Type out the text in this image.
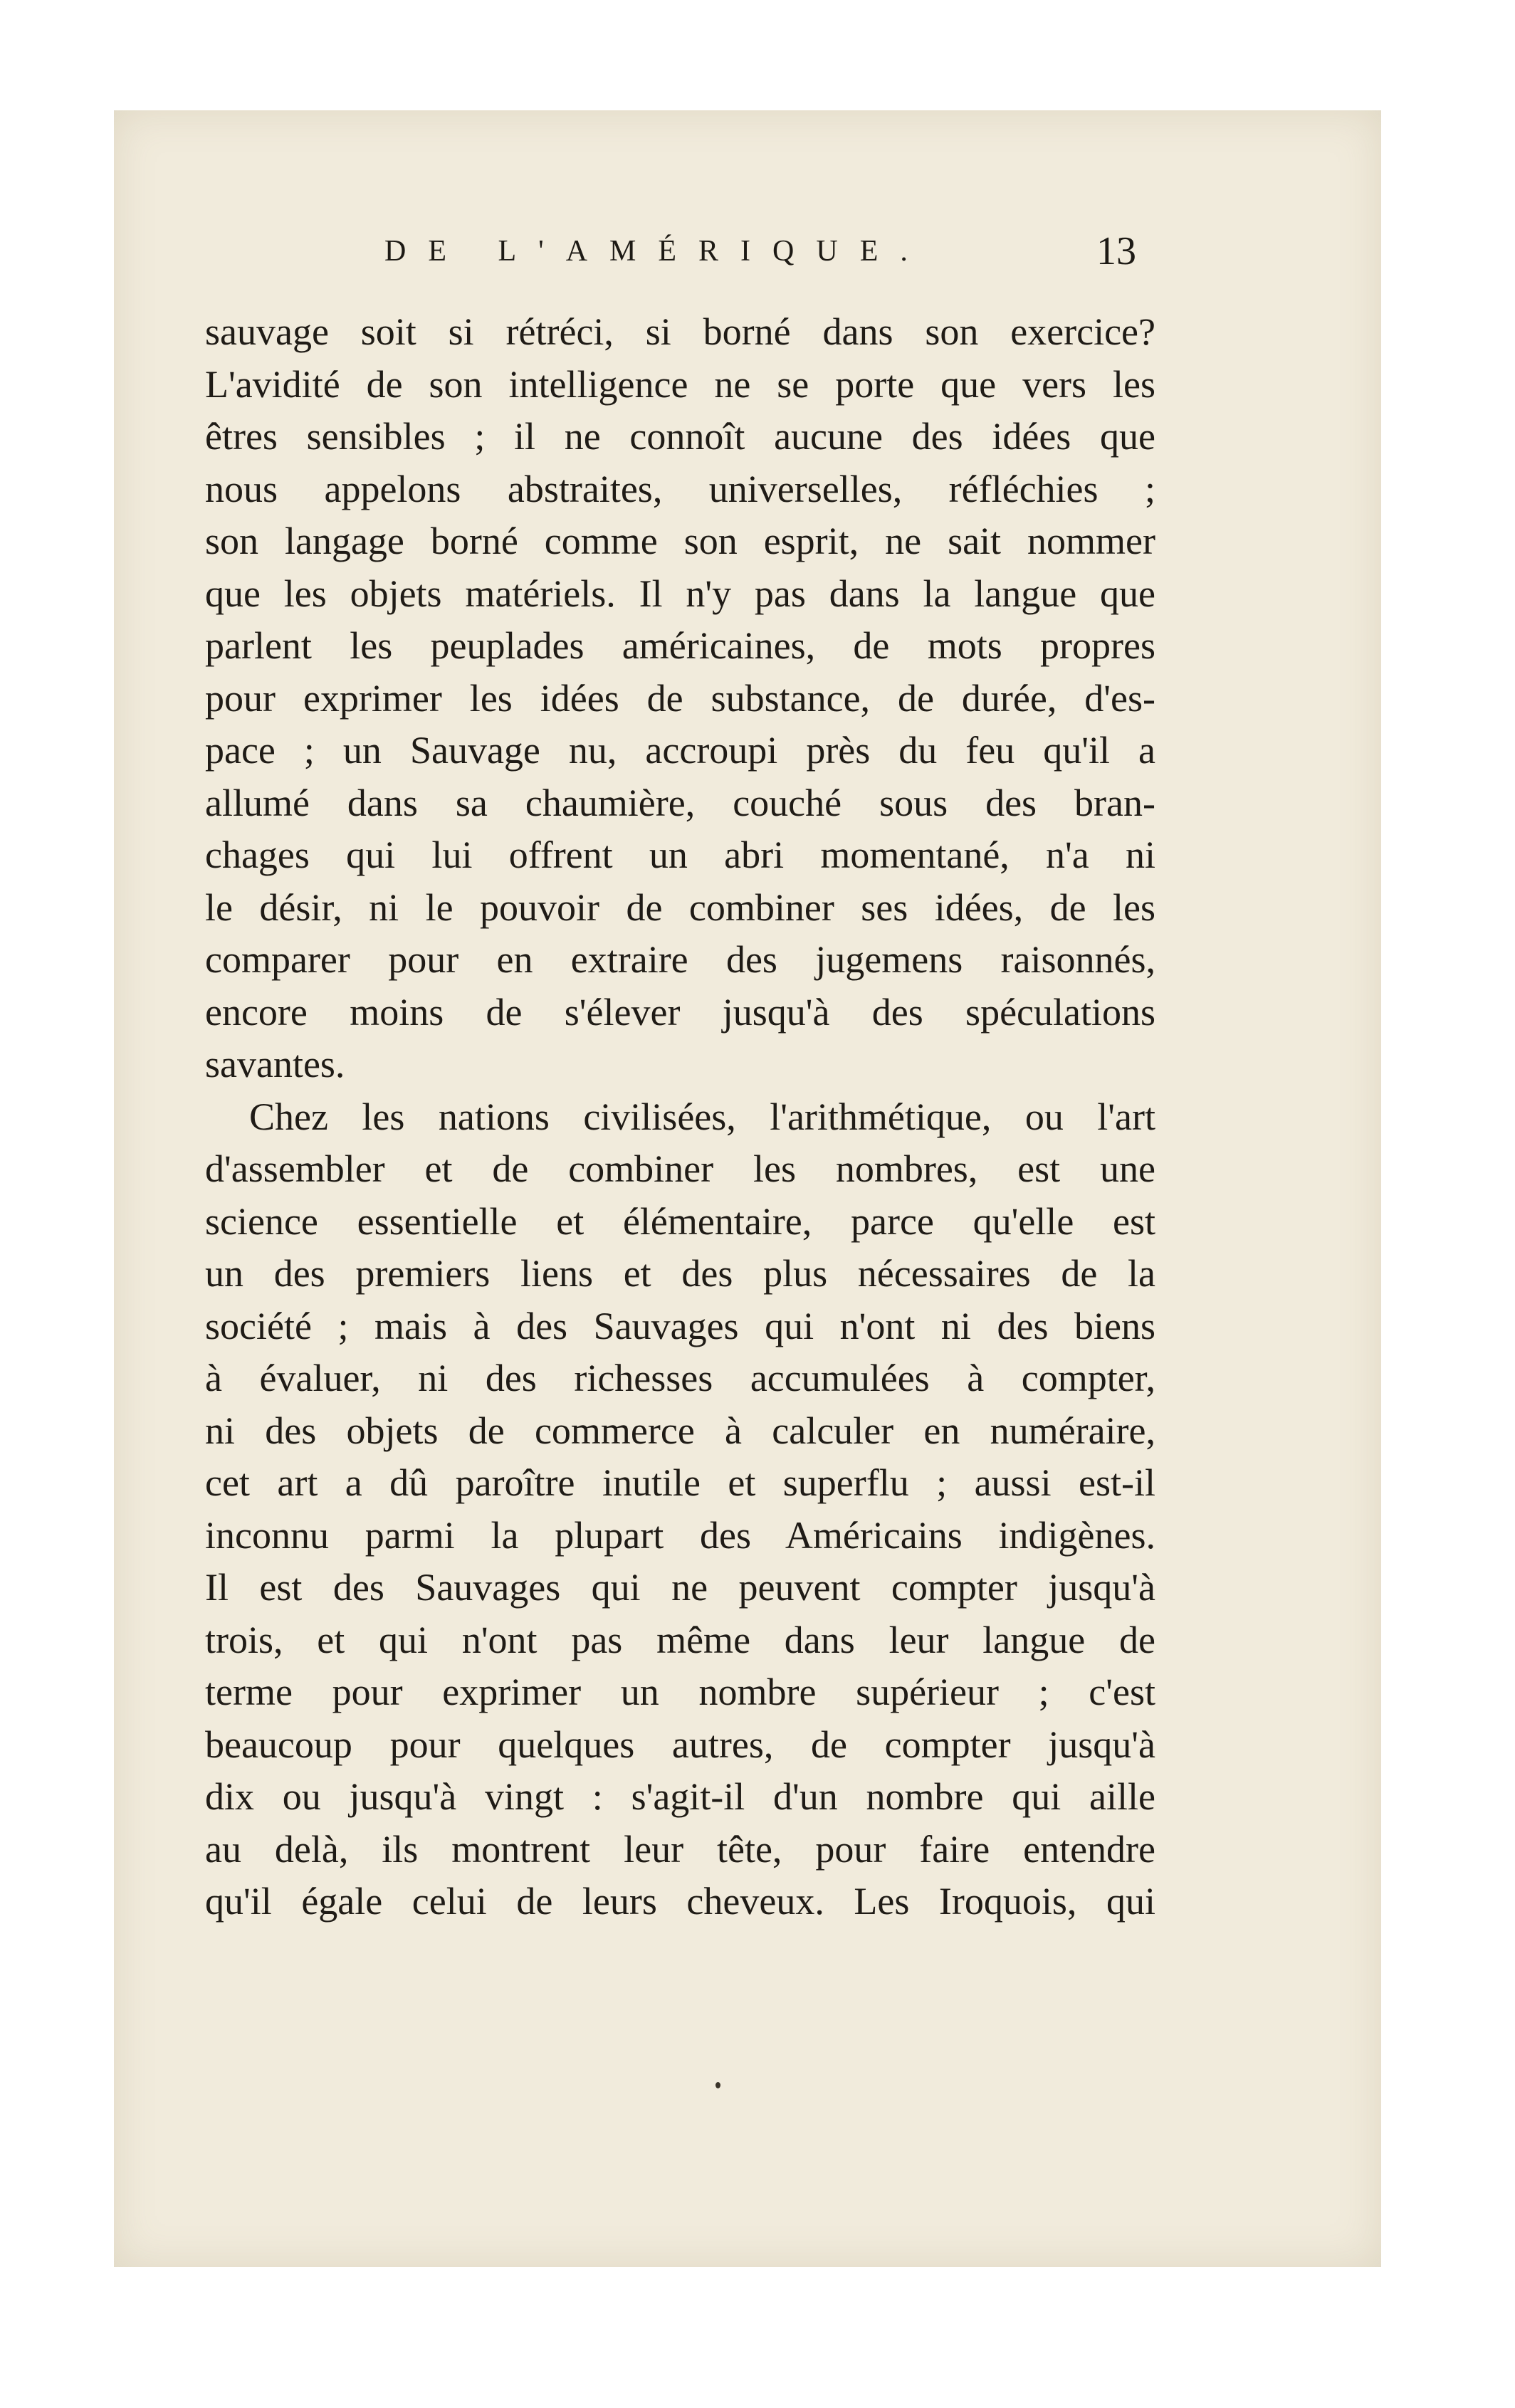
DE L'AMÉRIQUE.	13
sauvage soit si rétréci, si borné dans son exercice?
L'avidité de son intelligence ne se porte que vers les
êtres sensibles ; il ne connoît aucune des idées que
nous appelons abstraites, universelles, réfléchies ;
son langage borné comme son esprit, ne sait nommer
que les objets matériels. Il n'y pas dans la langue que
parlent les peuplades américaines, de mots propres
pour exprimer les idées de substance, de durée, d'es-
pace ; un Sauvage nu, accroupi près du feu qu'il a
allumé dans sa chaumière, couché sous des bran-
chages qui lui offrent un abri momentané, n'a ni
le désir, ni le pouvoir de combiner ses idées, de les
comparer pour en extraire des jugemens raisonnés,
encore moins de s'élever jusqu'à des spéculations
savantes.
Chez les nations civilisées, l'arithmétique, ou l'art
d'assembler et de combiner les nombres, est une
science essentielle et élémentaire, parce qu'elle est
un des premiers liens et des plus nécessaires de la
société ; mais à des Sauvages qui n'ont ni des biens
à évaluer, ni des richesses accumulées à compter,
ni des objets de commerce à calculer en numéraire,
cet art a dû paroître inutile et superflu ; aussi est-il
inconnu parmi la plupart des Américains indigènes.
Il est des Sauvages qui ne peuvent compter jusqu'à
trois, et qui n'ont pas même dans leur langue de
terme pour exprimer un nombre supérieur ; c'est
beaucoup pour quelques autres, de compter jusqu'à
dix ou jusqu'à vingt : s'agit-il d'un nombre qui aille
au delà, ils montrent leur tête, pour faire entendre
qu'il égale celui de leurs cheveux. Les Iroquois, qui
